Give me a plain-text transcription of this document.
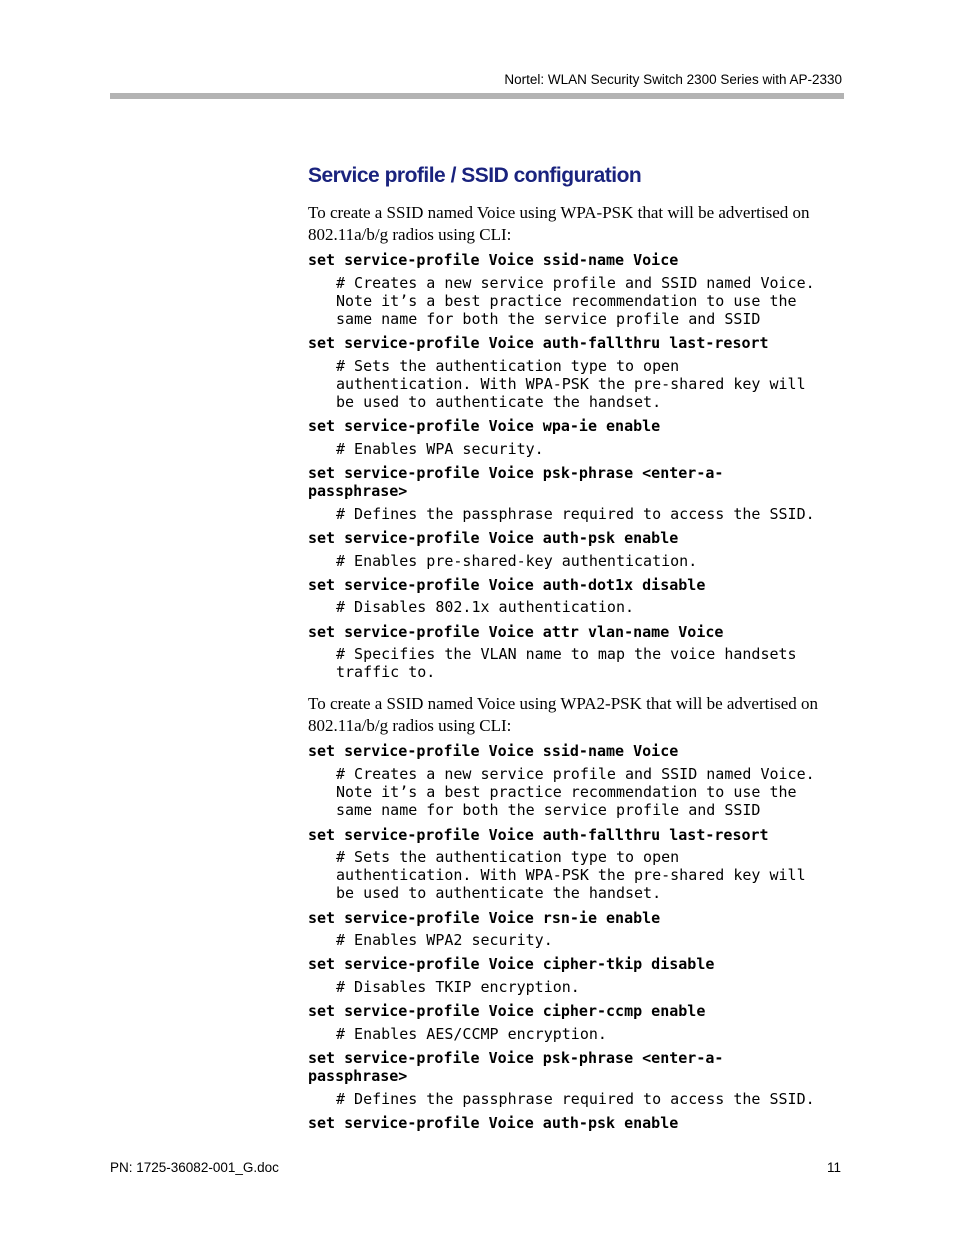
Nortel: WLAN Security Switch 2300 Series with AP-2330
Service profile / SSID configuration

To create a SSID named Voice using WPA-PSK that will be advertised on 802.11a/b/g radios using CLI:

set service-profile Voice ssid-name Voice
# Creates a new service profile and SSID named Voice.
Note it’s a best practice recommendation to use the
same name for both the service profile and SSID
set service-profile Voice auth-fallthru last-resort
# Sets the authentication type to open
authentication. With WPA-PSK the pre-shared key will
be used to authenticate the handset.
set service-profile Voice wpa-ie enable
# Enables WPA security.
set service-profile Voice psk-phrase <enter-a-
passphrase>
# Defines the passphrase required to access the SSID.
set service-profile Voice auth-psk enable
# Enables pre-shared-key authentication.
set service-profile Voice auth-dot1x disable
# Disables 802.1x authentication.
set service-profile Voice attr vlan-name Voice
# Specifies the VLAN name to map the voice handsets
traffic to.

To create a SSID named Voice using WPA2-PSK that will be advertised on 802.11a/b/g radios using CLI:

set service-profile Voice ssid-name Voice
# Creates a new service profile and SSID named Voice.
Note it’s a best practice recommendation to use the
same name for both the service profile and SSID
set service-profile Voice auth-fallthru last-resort
# Sets the authentication type to open
authentication. With WPA-PSK the pre-shared key will
be used to authenticate the handset.
set service-profile Voice rsn-ie enable
# Enables WPA2 security.
set service-profile Voice cipher-tkip disable
# Disables TKIP encryption.
set service-profile Voice cipher-ccmp enable
# Enables AES/CCMP encryption.
set service-profile Voice psk-phrase <enter-a-
passphrase>
# Defines the passphrase required to access the SSID.
set service-profile Voice auth-psk enable
PN: 1725-36082-001_G.doc	11
